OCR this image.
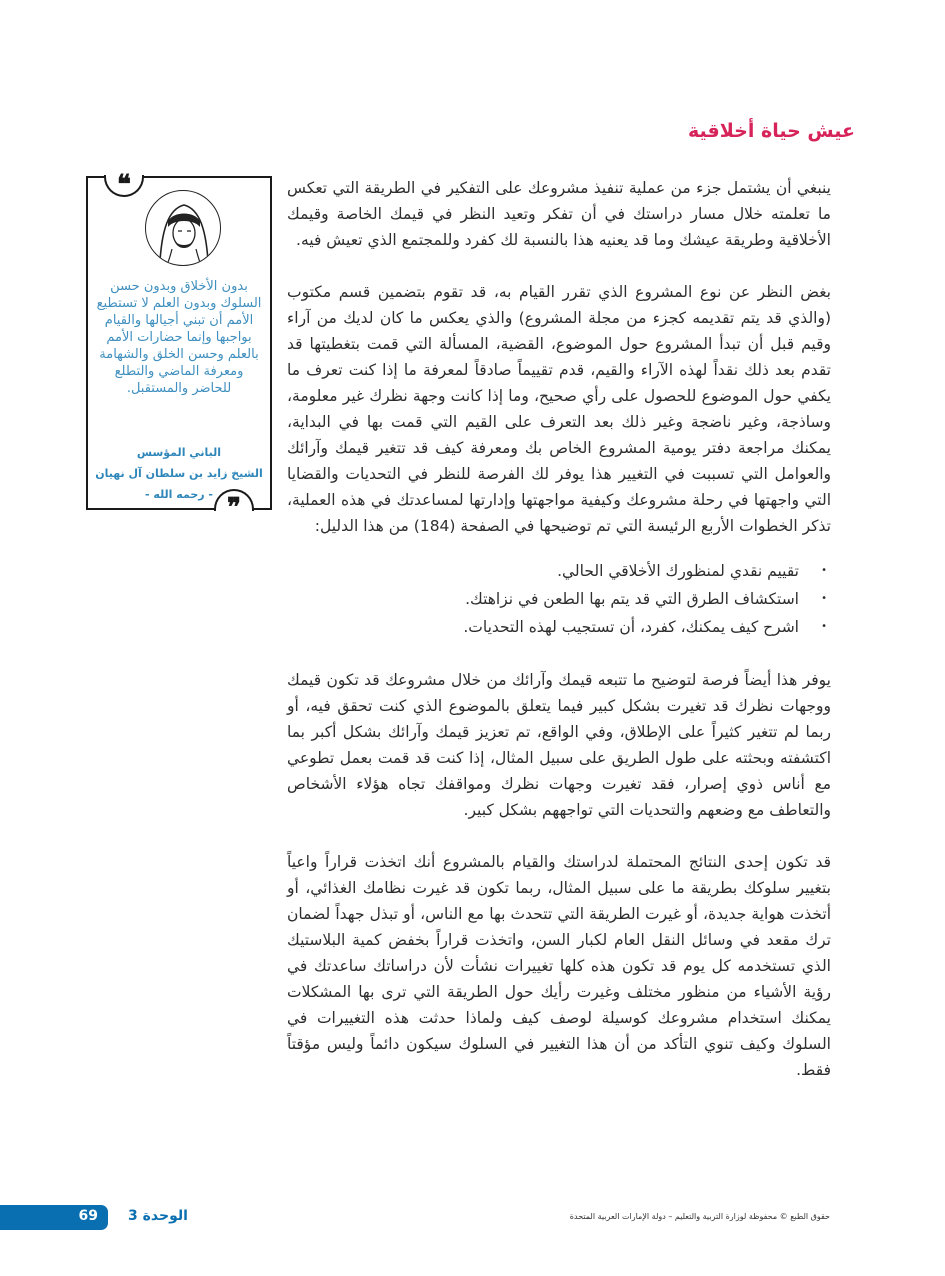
عيش حياة أخلاقية
❝
بدون الأخلاق وبدون حسن السلوك وبدون العلم لا تستطيع الأمم أن تبني أجيالها والقيام بواجبها وإنما حضارات الأمم بالعلم وحسن الخلق والشهامة ومعرفة الماضي والتطلع للحاضر والمستقبل.
الباني المؤسس
الشيخ زايد بن سلطان آل نهيان
- رحمه الله - ❞

ينبغي أن يشتمل جزء من عملية تنفيذ مشروعك على التفكير في الطريقة التي تعكس ما تعلمته خلال مسار دراستك في أن تفكر وتعيد النظر في قيمك الخاصة وقيمك الأخلاقية وطريقة عيشك وما قد يعنيه هذا بالنسبة لك كفرد وللمجتمع الذي تعيش فيه.

بغض النظر عن نوع المشروع الذي تقرر القيام به، قد تقوم بتضمين قسم مكتوب (والذي قد يتم تقديمه كجزء من مجلة المشروع) والذي يعكس ما كان لديك من آراء وقيم قبل أن تبدأ المشروع حول الموضوع، القضية، المسألة التي قمت بتغطيتها قد تقدم بعد ذلك نقداً لهذه الآراء والقيم، قدم تقييماً صادقاً لمعرفة ما إذا كنت تعرف ما يكفي حول الموضوع للحصول على رأي صحيح، وما إذا كانت وجهة نظرك غير معلومة، وساذجة، وغير ناضجة وغير ذلك بعد التعرف على القيم التي قمت بها في البداية، يمكنك مراجعة دفتر يومية المشروع الخاص بك ومعرفة كيف قد تتغير قيمك وآرائك والعوامل التي تسببت في التغيير هذا يوفر لك الفرصة للنظر في التحديات والقضايا التي واجهتها في رحلة مشروعك وكيفية مواجهتها وإدارتها لمساعدتك في هذه العملية، تذكر الخطوات الأربع الرئيسة التي تم توضيحها في الصفحة (184) من هذا الدليل:

• تقييم نقدي لمنظورك الأخلاقي الحالي.
• استكشاف الطرق التي قد يتم بها الطعن في نزاهتك.
• اشرح كيف يمكنك، كفرد، أن تستجيب لهذه التحديات.

يوفر هذا أيضاً فرصة لتوضيح ما تتبعه قيمك وآرائك من خلال مشروعك قد تكون قيمك ووجهات نظرك قد تغيرت بشكل كبير فيما يتعلق بالموضوع الذي كنت تحقق فيه، أو ربما لم تتغير كثيراً على الإطلاق، وفي الواقع، تم تعزيز قيمك وآرائك بشكل أكبر بما اكتشفته وبحثته على طول الطريق على سبيل المثال، إذا كنت قد قمت بعمل تطوعي مع أناس ذوي إصرار، فقد تغيرت وجهات نظرك ومواقفك تجاه هؤلاء الأشخاص والتعاطف مع وضعهم والتحديات التي تواجههم بشكل كبير.

قد تكون إحدى النتائج المحتملة لدراستك والقيام بالمشروع أنك اتخذت قراراً واعياً بتغيير سلوكك بطريقة ما على سبيل المثال، ربما تكون قد غيرت نظامك الغذائي، أو أتخذت هواية جديدة، أو غيرت الطريقة التي تتحدث بها مع الناس، أو تبذل جهداً لضمان ترك مقعد في وسائل النقل العام لكبار السن، واتخذت قراراً بخفض كمية البلاستيك الذي تستخدمه كل يوم قد تكون هذه كلها تغييرات نشأت لأن دراساتك ساعدتك في رؤية الأشياء من منظور مختلف وغيرت رأيك حول الطريقة التي ترى بها المشكلات يمكنك استخدام مشروعك كوسيلة لوصف كيف ولماذا حدثت هذه التغييرات في السلوك وكيف تنوي التأكد من أن هذا التغيير في السلوك سيكون دائماً وليس مؤقتاً فقط.

69 الوحدة 3	حقوق الطبع © محفوظة لوزارة التربية والتعليم – دولة الإمارات العربية المتحدة
